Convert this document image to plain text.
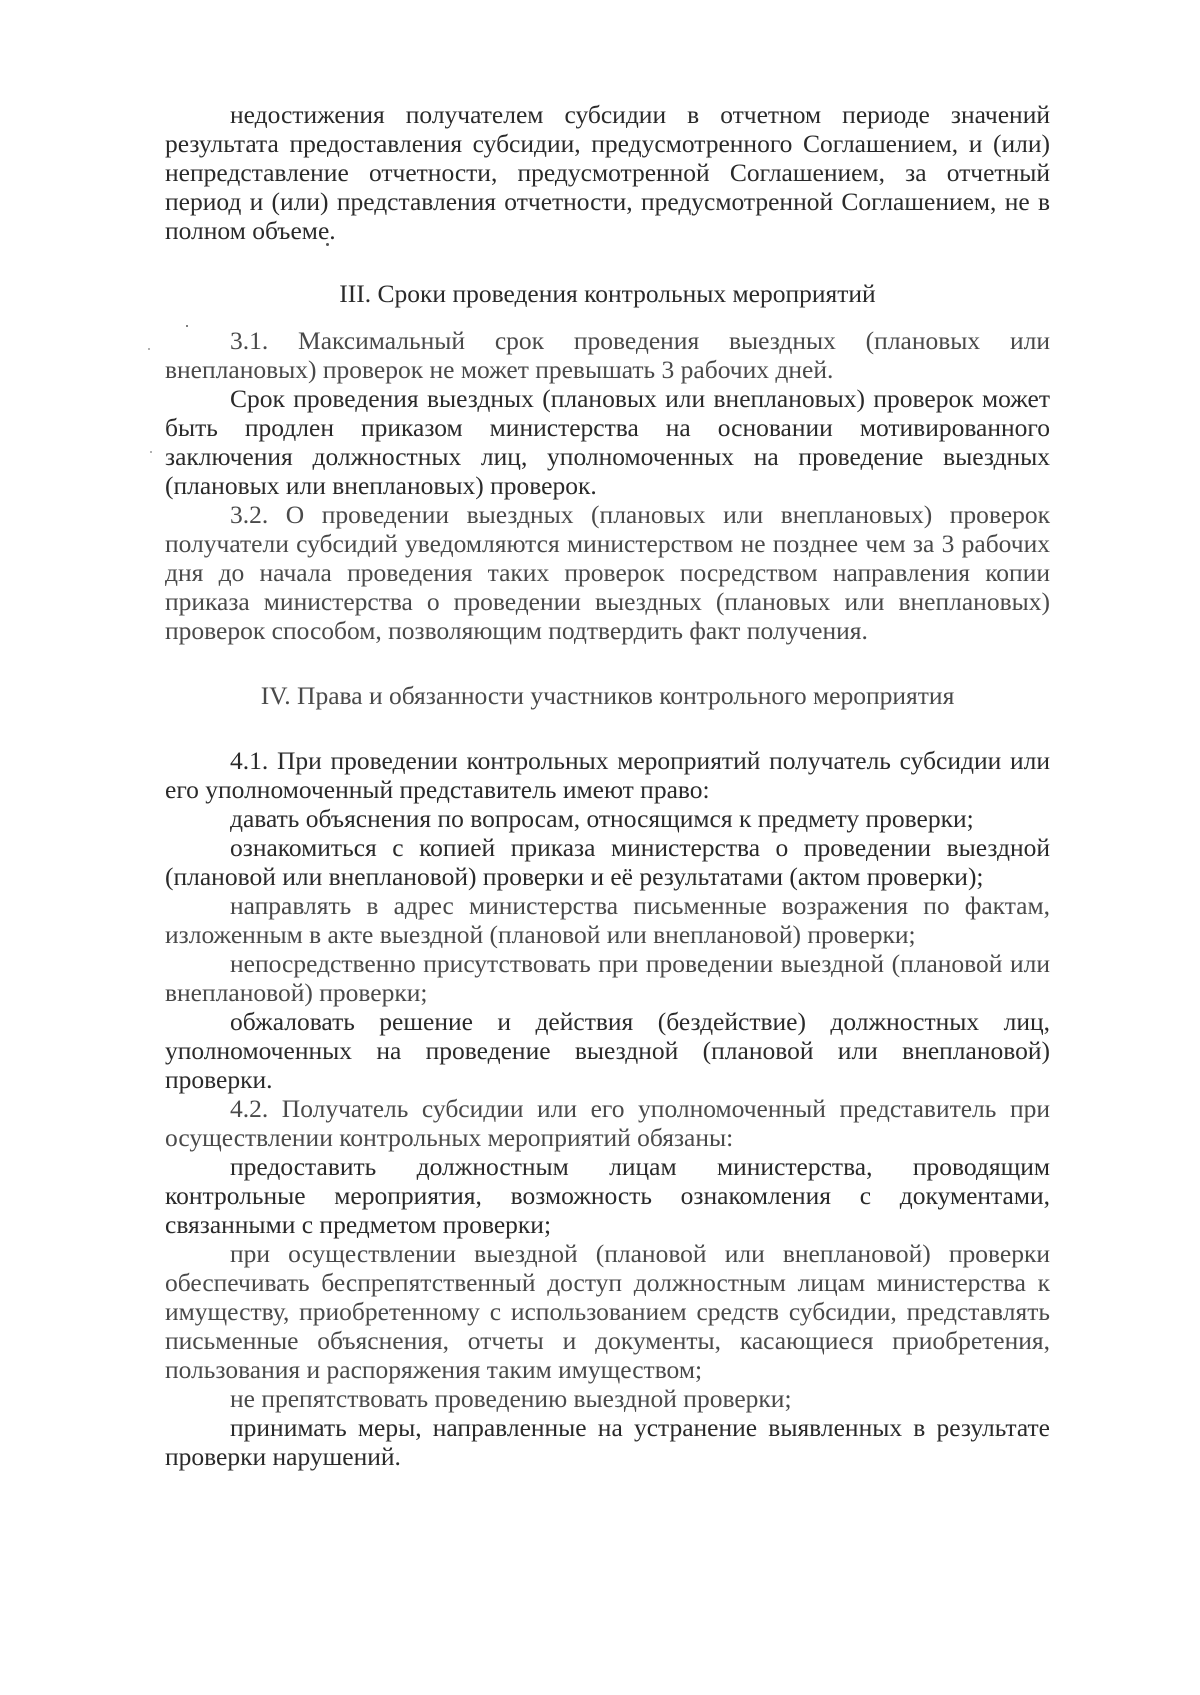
недостижения получателем субсидии в отчетном периоде значений результата предоставления субсидии, предусмотренного Соглашением, и (или) непредставление отчетности, предусмотренной Соглашением, за отчетный период и (или) представления отчетности, предусмотренной Соглашением, не в полном объеме.

III. Сроки проведения контрольных мероприятий

3.1. Максимальный срок проведения выездных (плановых или внеплановых) проверок не может превышать 3 рабочих дней.

Срок проведения выездных (плановых или внеплановых) проверок может быть продлен приказом министерства на основании мотивированного заключения должностных лиц, уполномоченных на проведение выездных (плановых или внеплановых) проверок.

3.2. О проведении выездных (плановых или внеплановых) проверок получатели субсидий уведомляются министерством не позднее чем за 3 рабочих дня до начала проведения таких проверок посредством направления копии приказа министерства о проведении выездных (плановых или внеплановых) проверок способом, позволяющим подтвердить факт получения.

IV. Права и обязанности участников контрольного мероприятия

4.1. При проведении контрольных мероприятий получатель субсидии или его уполномоченный представитель имеют право:

давать объяснения по вопросам, относящимся к предмету проверки;

ознакомиться с копией приказа министерства о проведении выездной (плановой или внеплановой) проверки и её результатами (актом проверки);

направлять в адрес министерства письменные возражения по фактам, изложенным в акте выездной (плановой или внеплановой) проверки;

непосредственно присутствовать при проведении выездной (плановой или внеплановой) проверки;

обжаловать решение и действия (бездействие) должностных лиц, уполномоченных на проведение выездной (плановой или внеплановой) проверки.

4.2. Получатель субсидии или его уполномоченный представитель при осуществлении контрольных мероприятий обязаны:

предоставить должностным лицам министерства, проводящим контрольные мероприятия, возможность ознакомления с документами, связанными с предметом проверки;

при осуществлении выездной (плановой или внеплановой) проверки обеспечивать беспрепятственный доступ должностным лицам министерства к имуществу, приобретенному с использованием средств субсидии, представлять письменные объяснения, отчеты и документы, касающиеся приобретения, пользования и распоряжения таким имуществом;

не препятствовать проведению выездной проверки;

принимать меры, направленные на устранение выявленных в результате проверки нарушений.
